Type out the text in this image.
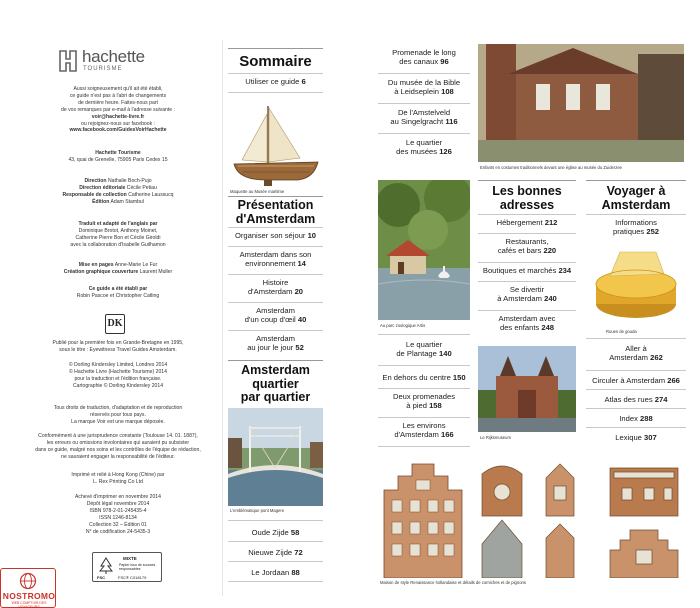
hachette
TOURISME
Aussi soigneusement qu'il ait été établi,
ce guide n'est pas à l'abri de changements
de dernière heure. Faites-nous part
de vos remarques par e-mail à l'adresse suivante :
voir@hachette-livre.fr
ou rejoignez-nous sur facebook :
www.facebook.com/GuidesVoirHachette
Hachette Tourisme
43, quai de Grenelle, 75905 Paris Cedex 15
Direction Nathalie Boch-Pujo
Direction éditoriale Cécile Petiau
Responsable de collection Catherine Laussucq
Édition Adam Stambul
Traduit et adapté de l'anglais par
Dominique Brotot, Anthony Moinet,
Catherine Pierre Bon et Cécile Giroldi
avec la collaboration d'Isabelle Guilhamon
Mise en pages Anne-Marie Le Fur
Création graphique couverture Laurent Muller
Ce guide a été établi par
Robin Pascoe et Christopher Catling
Publié pour la première fois en Grande-Bretagne en 1995,
sous le titre : Eyewitness Travel Guides Amsterdam.
© Dorling Kindersley Limited, Londres 2014
© Hachette Livre (Hachette Tourisme) 2014
pour la traduction et l'édition française.
Cartographie © Dorling Kindersley 2014
Tous droits de traduction, d'adaptation et de reproduction
réservés pour tous pays.
La marque Voir est une marque déposée.
Conformément à une jurisprudence constante (Toulouse 14. 01. 1887),
les erreurs ou omissions involontaires qui auraient pu subsister
dans ce guide, malgré nos soins et les contrôles de l'équipe de rédaction,
ne sauraient engager la responsabilité de l'éditeur.
Imprimé et relié à Hong Kong (Chine) par
L. Rex Printing Co Ltd
Achevé d'imprimer en novembre 2014
Dépôt légal novembre 2014
ISBN 978-2-01-245435-4
ISSN 1246-8134
Collection 32 – Édition 01
N° de codification 24-5435-3
DK
MIXTE
Papier issu de sources responsables
FSC	FSC® C018179
NOSTROMO
WEB COMPTOIR DES VOYAGEURS
Sommaire
Utiliser ce guide 6
Maquette au Musée maritime
Présentation
d'Amsterdam
Organiser son séjour 10
Amsterdam dans son
environnement 14
Histoire
d'Amsterdam 20
Amsterdam
d'un coup d'œil 40
Amsterdam
au jour le jour 52
Amsterdam
quartier
par quartier
L'emblématique pont Magere
Oude Zijde 58
Nieuwe Zijde 72
Le Jordaan 88
Promenade le long
des canaux 96
Du musée de la Bible
à Leidseplein 108
De l'Amstelveld
au Singelgracht 116
Le quartier
des musées 126
Au parc zoologique Artis
Le quartier
de Plantage 140
En dehors du centre 150
Deux promenades
à pied 158
Les environs
d'Amsterdam 166
Enfants en costumes traditionnels devant une église au musée du Zuiderzee
Les bonnes
adresses
Hébergement 212
Restaurants,
cafés et bars 220
Boutiques et marchés 234
Se divertir
à Amsterdam 240
Amsterdam avec
des enfants 248
Le Rijksmuseum
Voyager à
Amsterdam
Informations
pratiques 252
Roues de gouda
Aller à
Amsterdam 262
Circuler à Amsterdam 266
Atlas des rues 274
Index 288
Lexique 307
Maison de style Renaissance hollandaise et détails de corniches et de pignons
